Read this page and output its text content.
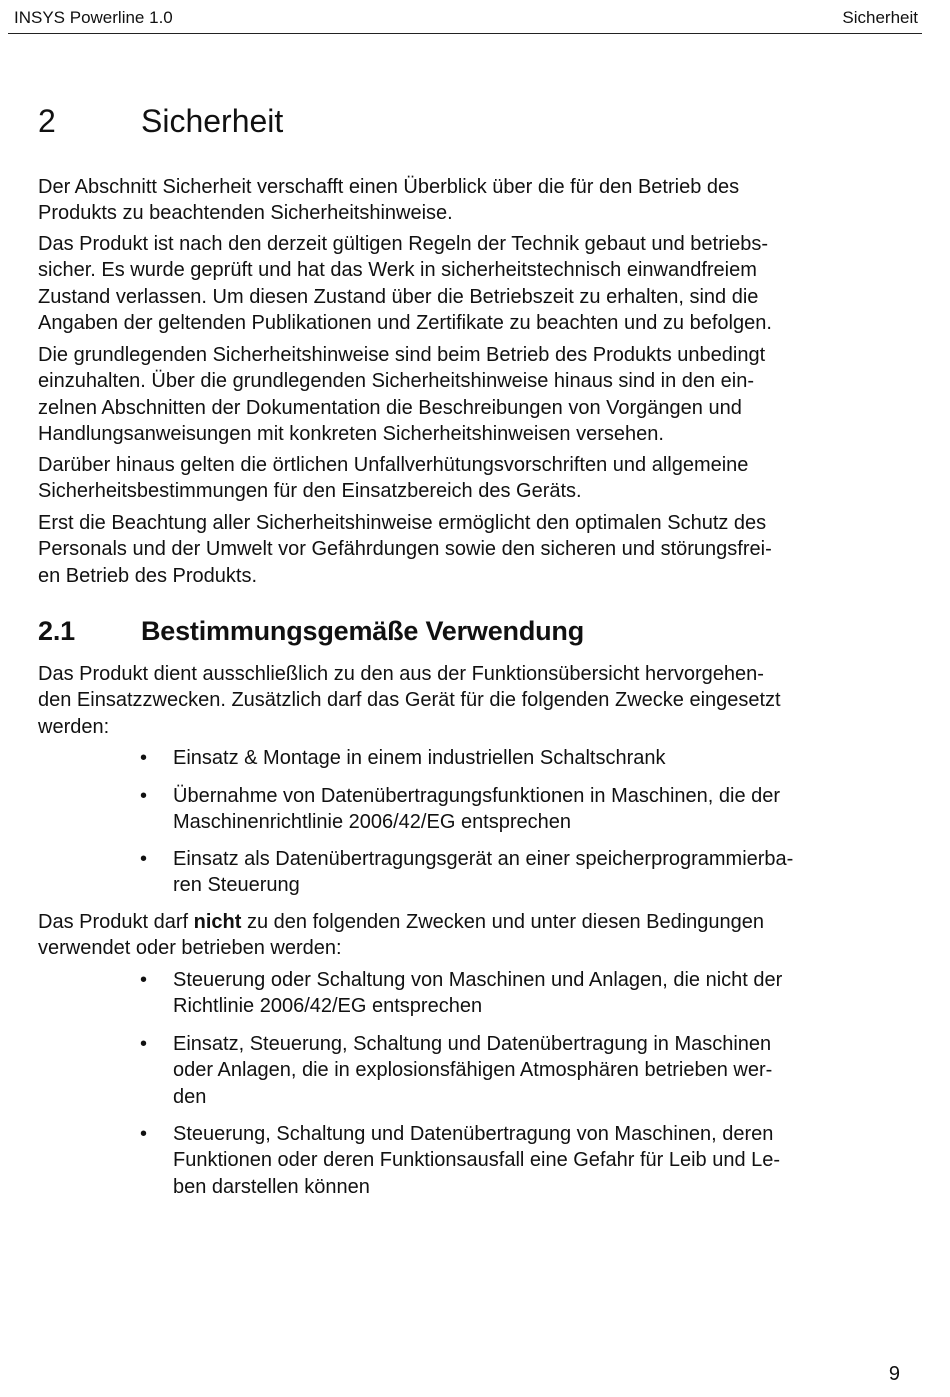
INSYS Powerline 1.0	Sicherheit
2	Sicherheit
Der Abschnitt Sicherheit verschafft einen Überblick über die für den Betrieb des
Produkts zu beachtenden Sicherheitshinweise.
Das Produkt ist nach den derzeit gültigen Regeln der Technik gebaut und betriebs-
sicher. Es wurde geprüft und hat das Werk in sicherheitstechnisch einwandfreiem
Zustand verlassen. Um diesen Zustand über die Betriebszeit zu erhalten, sind die
Angaben der geltenden Publikationen und Zertifikate zu beachten und zu befolgen.
Die grundlegenden Sicherheitshinweise sind beim Betrieb des Produkts unbedingt
einzuhalten. Über die grundlegenden Sicherheitshinweise hinaus sind in den ein-
zelnen Abschnitten der Dokumentation die Beschreibungen von Vorgängen und
Handlungsanweisungen mit konkreten Sicherheitshinweisen versehen.
Darüber hinaus gelten die örtlichen Unfallverhütungsvorschriften und allgemeine
Sicherheitsbestimmungen für den Einsatzbereich des Geräts.
Erst die Beachtung aller Sicherheitshinweise ermöglicht den optimalen Schutz des
Personals und der Umwelt vor Gefährdungen sowie den sicheren und störungsfrei-
en Betrieb des Produkts.
2.1 Bestimmungsgemäße Verwendung
Das Produkt dient ausschließlich zu den aus der Funktionsübersicht hervorgehen-
den Einsatzzwecken. Zusätzlich darf das Gerät für die folgenden Zwecke eingesetzt
werden:
• Einsatz & Montage in einem industriellen Schaltschrank
• Übernahme von Datenübertragungsfunktionen in Maschinen, die der
Maschinenrichtlinie 2006/42/EG entsprechen
• Einsatz als Datenübertragungsgerät an einer speicherprogrammierba-
ren Steuerung
Das Produkt darf nicht zu den folgenden Zwecken und unter diesen Bedingungen
verwendet oder betrieben werden:
• Steuerung oder Schaltung von Maschinen und Anlagen, die nicht der
Richtlinie 2006/42/EG entsprechen
• Einsatz, Steuerung, Schaltung und Datenübertragung in Maschinen
oder Anlagen, die in explosionsfähigen Atmosphären betrieben wer-
den
• Steuerung, Schaltung und Datenübertragung von Maschinen, deren
Funktionen oder deren Funktionsausfall eine Gefahr für Leib und Le-
ben darstellen können
9
